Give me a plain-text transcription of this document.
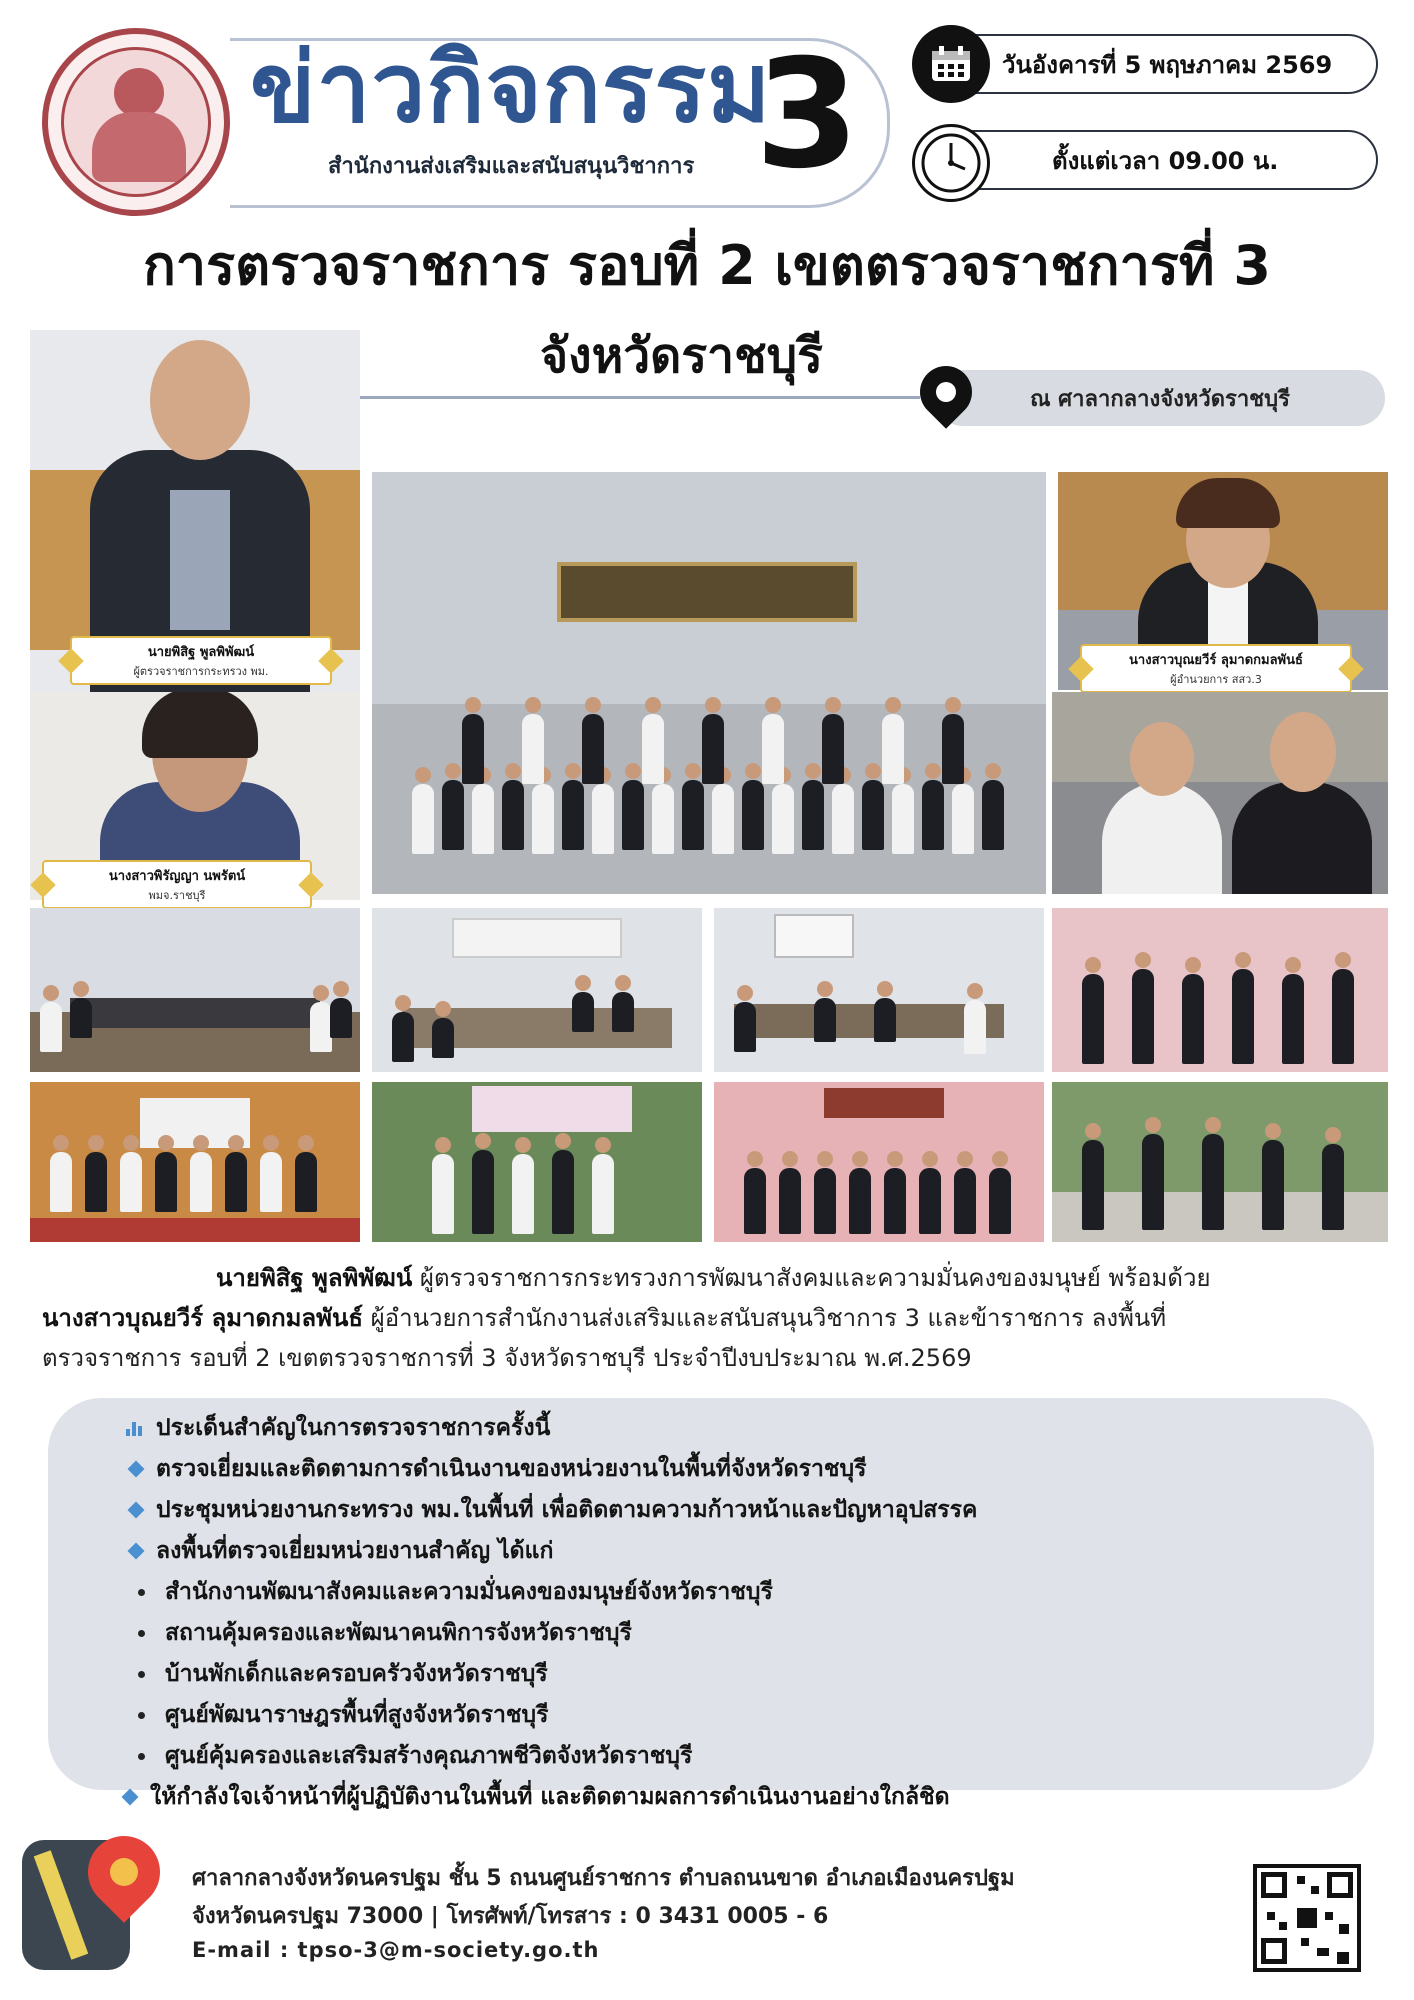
ข่าวกิจกรรม
3
สำนักงานส่งเสริมและสนับสนุนวิชาการ
วันอังคารที่ 5 พฤษภาคม 2569
ตั้งแต่เวลา 09.00 น.
การตรวจราชการ รอบที่ 2 เขตตรวจราชการที่ 3
จังหวัดราชบุรี
ณ ศาลากลางจังหวัดราชบุรี
นายพิสิฐ พูลพิพัฒน์
ผู้ตรวจราชการกระทรวง พม.
นางสาวพิรัญญา นพรัตน์
พมจ.ราชบุรี
นางสาวบุณยวีร์ ลุมาดกมลพันธ์
ผู้อำนวยการ สสว.3
นายพิสิฐ พูลพิพัฒน์ ผู้ตรวจราชการกระทรวงการพัฒนาสังคมและความมั่นคงของมนุษย์ พร้อมด้วย
นางสาวบุณยวีร์ ลุมาดกมลพันธ์ ผู้อำนวยการสำนักงานส่งเสริมและสนับสนุนวิชาการ 3 และข้าราชการ ลงพื้นที่
ตรวจราชการ รอบที่ 2 เขตตรวจราชการที่ 3 จังหวัดราชบุรี ประจำปีงบประมาณ พ.ศ.2569
ประเด็นสำคัญในการตรวจราชการครั้งนี้
ตรวจเยี่ยมและติดตามการดำเนินงานของหน่วยงานในพื้นที่จังหวัดราชบุรี
ประชุมหน่วยงานกระทรวง พม.ในพื้นที่ เพื่อติดตามความก้าวหน้าและปัญหาอุปสรรค
ลงพื้นที่ตรวจเยี่ยมหน่วยงานสำคัญ ได้แก่
สำนักงานพัฒนาสังคมและความมั่นคงของมนุษย์จังหวัดราชบุรี
สถานคุ้มครองและพัฒนาคนพิการจังหวัดราชบุรี
บ้านพักเด็กและครอบครัวจังหวัดราชบุรี
ศูนย์พัฒนาราษฎรพื้นที่สูงจังหวัดราชบุรี
ศูนย์คุ้มครองและเสริมสร้างคุณภาพชีวิตจังหวัดราชบุรี
ให้กำลังใจเจ้าหน้าที่ผู้ปฏิบัติงานในพื้นที่ และติดตามผลการดำเนินงานอย่างใกล้ชิด
ศาลากลางจังหวัดนครปฐม ชั้น 5 ถนนศูนย์ราชการ ตำบลถนนขาด อำเภอเมืองนครปฐม
จังหวัดนครปฐม 73000 | โทรศัพท์/โทรสาร : 0 3431 0005 - 6
E-mail : tpso-3@m-society.go.th
